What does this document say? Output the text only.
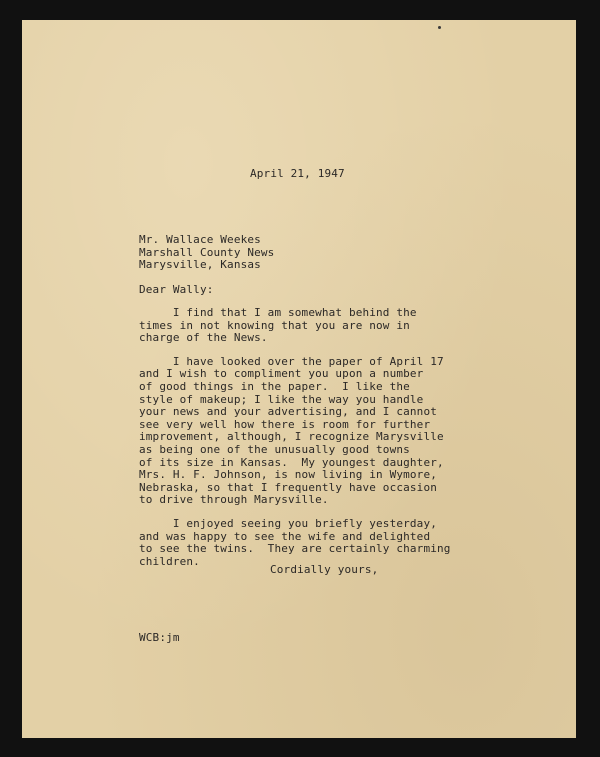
April 21, 1947

Mr. Wallace Weekes
Marshall County News
Marysville, Kansas

Dear Wally:

I find that I am somewhat behind the
times in not knowing that you are now in
charge of the News.
I have looked over the paper of April 17
and I wish to compliment you upon a number
of good things in the paper.  I like the
style of makeup; I like the way you handle
your news and your advertising, and I cannot
see very well how there is room for further
improvement, although, I recognize Marysville
as being one of the unusually good towns
of its size in Kansas.  My youngest daughter,
Mrs. H. F. Johnson, is now living in Wymore,
Nebraska, so that I frequently have occasion
to drive through Marysville.
I enjoyed seeing you briefly yesterday,
and was happy to see the wife and delighted
to see the twins.  They are certainly charming
children.

Cordially yours,

WCB:jm
